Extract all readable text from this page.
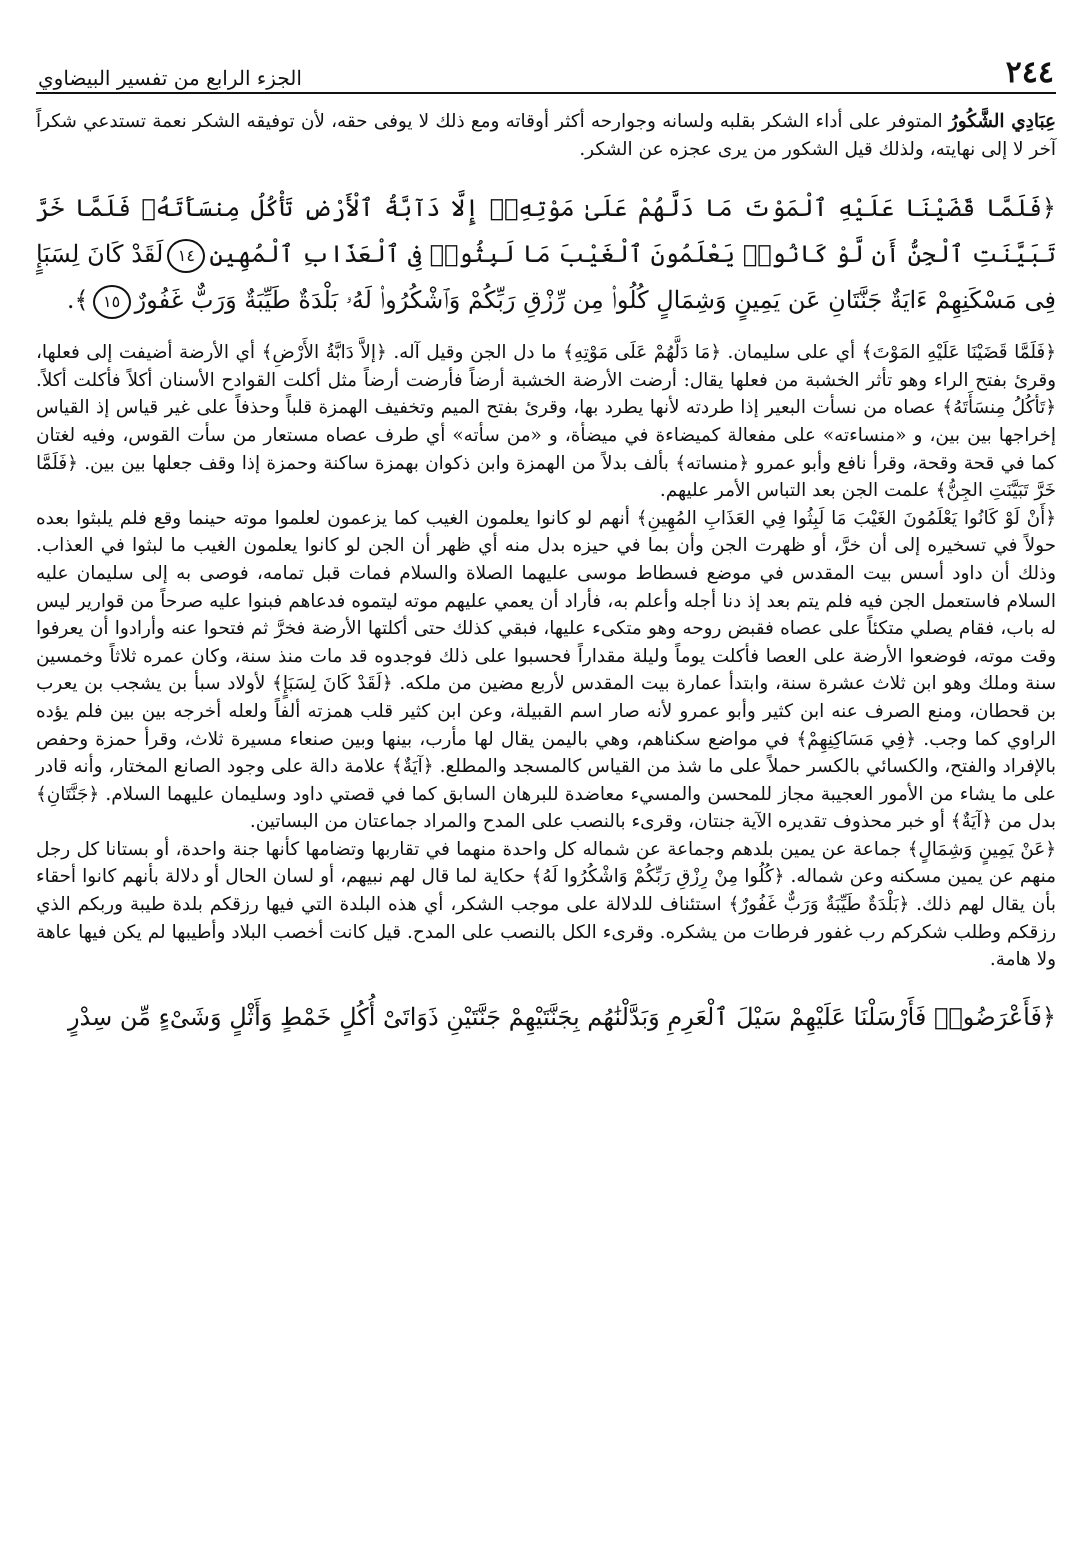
٢٤٤
الجزء الرابع من تفسير البيضاوي

عِبَادِي الشَّكُورُ المتوفر على أداء الشكر بقلبه ولسانه وجوارحه أكثر أوقاته ومع ذلك لا يوفى حقه، لأن توفيقه الشكر نعمة تستدعي شكراً آخر لا إلى نهايته، ولذلك قيل الشكور من يرى عجزه عن الشكر.

﴿فَلَمَّا قَضَيْنَا عَلَيْهِ ٱلْمَوْتَ مَا دَلَّهُمْ عَلَىٰ مَوْتِهِۦٓ إِلَّا دَآبَّةُ ٱلْأَرْضِ تَأْكُلُ مِنسَأَتَهُۥ فَلَمَّا خَرَّ تَبَيَّنَتِ ٱلْجِنُّ أَن لَّوْ كَانُوا۟ يَعْلَمُونَ ٱلْغَيْبَ مَا لَبِثُوا۟ فِى ٱلْعَذَابِ ٱلْمُهِينِ١٤لَقَدْ كَانَ لِسَبَإٍ فِى مَسْكَنِهِمْ ءَايَةٌ جَنَّتَانِ عَن يَمِينٍ وَشِمَالٍ كُلُوا۟ مِن رِّزْقِ رَبِّكُمْ وَٱشْكُرُوا۟ لَهُۥ بَلْدَةٌ طَيِّبَةٌ وَرَبٌّ غَفُورٌ١٥﴾.

﴿فَلَمَّا قَضَيْنَا عَلَيْهِ المَوْتَ﴾ أي على سليمان. ﴿مَا دَلَّهُمْ عَلَى مَوْتِهِ﴾ ما دل الجن وقيل آله. ﴿إلاَّ دَابَّةُ الأَرْضِ﴾ أي الأرضة أضيفت إلى فعلها، وقرئ بفتح الراء وهو تأثر الخشبة من فعلها يقال: أرضت الأرضة الخشبة أرضاً فأرضت أرضاً مثل أكلت القوادح الأسنان أكلاً فأكلت أكلاً. ﴿تَأكُلُ مِنسَأَتَهُ﴾ عصاه من نسأت البعير إذا طردته لأنها يطرد بها، وقرئ بفتح الميم وتخفيف الهمزة قلباً وحذفاً على غير قياس إذ القياس إخراجها بين بين، و «منساءته» على مفعالة كميضاءة في ميضأة، و «من سأته» أي طرف عصاه مستعار من سأت القوس، وفيه لغتان كما في قحة وقحة، وقرأ نافع وأبو عمرو ﴿منساته﴾ بألف بدلاً من الهمزة وابن ذكوان بهمزة ساكنة وحمزة إذا وقف جعلها بين بين. ﴿فَلَمَّا خَرَّ تَبَيَّنَتِ الجِنُّ﴾ علمت الجن بعد التباس الأمر عليهم.

﴿أَنْ لَوْ كَانُوا يَعْلَمُونَ الغَيْبَ مَا لَبِثُوا فِي العَذَابِ المُهِينِ﴾ أنهم لو كانوا يعلمون الغيب كما يزعمون لعلموا موته حينما وقع فلم يلبثوا بعده حولاً في تسخيره إلى أن خرَّ، أو ظهرت الجن وأن بما في حيزه بدل منه أي ظهر أن الجن لو كانوا يعلمون الغيب ما لبثوا في العذاب. وذلك أن داود أسس بيت المقدس في موضع فسطاط موسى عليهما الصلاة والسلام فمات قبل تمامه، فوصى به إلى سليمان عليه السلام فاستعمل الجن فيه فلم يتم بعد إذ دنا أجله وأعلم به، فأراد أن يعمي عليهم موته ليتموه فدعاهم فبنوا عليه صرحاً من قوارير ليس له باب، فقام يصلي متكئاً على عصاه فقبض روحه وهو متكىء عليها، فبقي كذلك حتى أكلتها الأرضة فخرَّ ثم فتحوا عنه وأرادوا أن يعرفوا وقت موته، فوضعوا الأرضة على العصا فأكلت يوماً وليلة مقداراً فحسبوا على ذلك فوجدوه قد مات منذ سنة، وكان عمره ثلاثاً وخمسين سنة وملك وهو ابن ثلاث عشرة سنة، وابتدأ عمارة بيت المقدس لأربع مضين من ملكه. ﴿لَقَدْ كَانَ لِسَبَإٍ﴾ لأولاد سبأ بن يشجب بن يعرب بن قحطان، ومنع الصرف عنه ابن كثير وأبو عمرو لأنه صار اسم القبيلة، وعن ابن كثير قلب همزته ألفاً ولعله أخرجه بين بين فلم يؤده الراوي كما وجب. ﴿فِي مَسَاكِنِهِمْ﴾ في مواضع سكناهم، وهي باليمن يقال لها مأرب، بينها وبين صنعاء مسيرة ثلاث، وقرأ حمزة وحفص بالإفراد والفتح، والكسائي بالكسر حملاً على ما شذ من القياس كالمسجد والمطلع. ﴿آيَةٌ﴾ علامة دالة على وجود الصانع المختار، وأنه قادر على ما يشاء من الأمور العجيبة مجاز للمحسن والمسيء معاضدة للبرهان السابق كما في قصتي داود وسليمان عليهما السلام. ﴿جَنَّتَانِ﴾ بدل من ﴿آيَةٌ﴾ أو خبر محذوف تقديره الآية جنتان، وقرىء بالنصب على المدح والمراد جماعتان من البساتين.

﴿عَنْ يَمِينٍ وَشِمَالٍ﴾ جماعة عن يمين بلدهم وجماعة عن شماله كل واحدة منهما في تقاربها وتضامها كأنها جنة واحدة، أو بستانا كل رجل منهم عن يمين مسكنه وعن شماله. ﴿كُلُوا مِنْ رِزْقِ رَبِّكُمْ وَاشْكُرُوا لَهُ﴾ حكاية لما قال لهم نبيهم، أو لسان الحال أو دلالة بأنهم كانوا أحقاء بأن يقال لهم ذلك. ﴿بَلْدَةٌ طَيِّبَةٌ وَرَبٌّ غَفُورٌ﴾ استئناف للدلالة على موجب الشكر، أي هذه البلدة التي فيها رزقكم بلدة طيبة وربكم الذي رزقكم وطلب شكركم رب غفور فرطات من يشكره. وقرىء الكل بالنصب على المدح. قيل كانت أخصب البلاد وأطيبها لم يكن فيها عاهة ولا هامة.

﴿فَأَعْرَضُوا۟ فَأَرْسَلْنَا عَلَيْهِمْ سَيْلَ ٱلْعَرِمِ وَبَدَّلْنَٰهُم بِجَنَّتَيْهِمْ جَنَّتَيْنِ ذَوَاتَىْ أُكُلٍ خَمْطٍ وَأَثْلٍ وَشَىْءٍ مِّن سِدْرٍ
